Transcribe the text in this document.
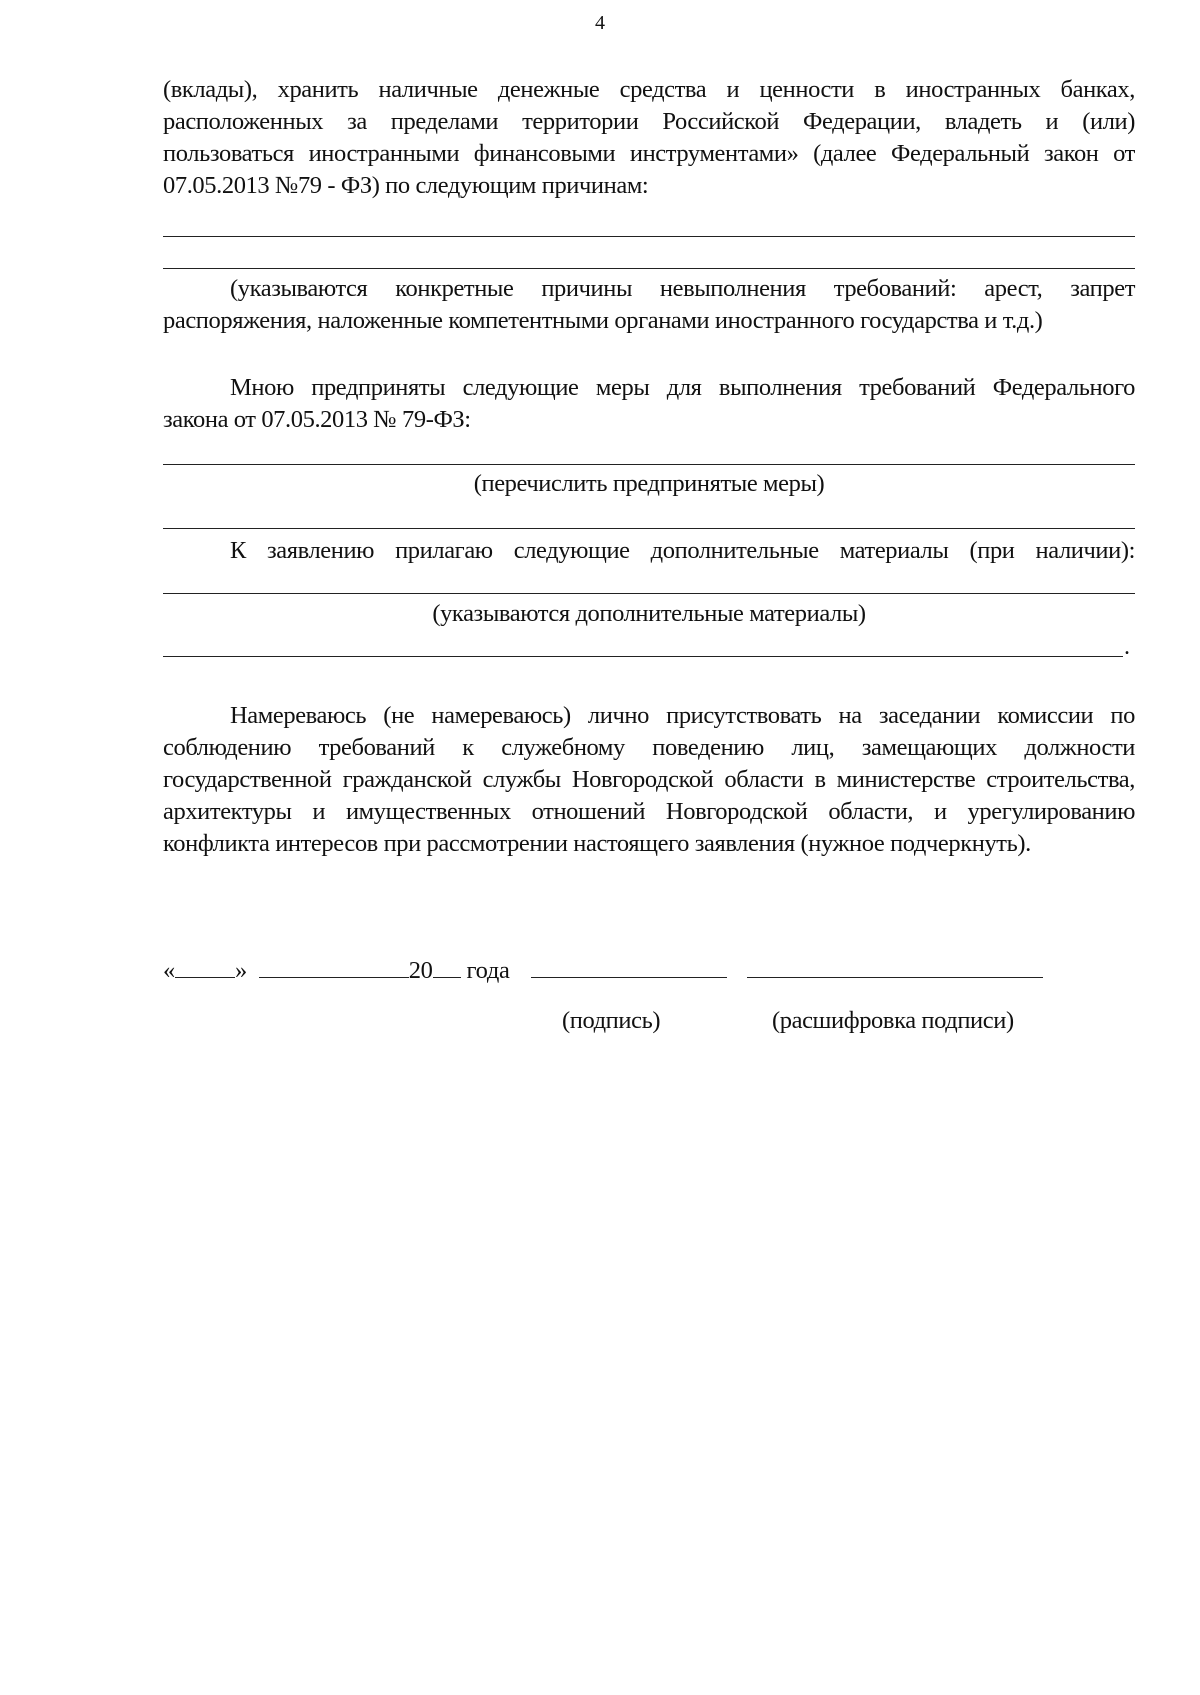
4
(вклады), хранить наличные денежные средства и ценности в иностранных банках,
расположенных за пределами территории Российской Федерации, владеть и (или)
пользоваться иностранными финансовыми инструментами» (далее Федеральный закон от
07.05.2013 №79 - ФЗ) по следующим причинам:
(указываются конкретные причины невыполнения требований: арест, запрет
распоряжения, наложенные компетентными органами иностранного государства и т.д.)
Мною предприняты следующие меры для выполнения требований Федерального
закона от 07.05.2013 № 79-ФЗ:
(перечислить предпринятые меры)
К заявлению прилагаю следующие дополнительные материалы (при наличии):
(указываются дополнительные материалы)
.
Намереваюсь (не намереваюсь) лично присутствовать на заседании комиссии по
соблюдению требований к служебному поведению лиц, замещающих должности
государственной гражданской службы Новгородской области в министерстве строительства,
архитектуры и имущественных отношений Новгородской области, и урегулированию
конфликта интересов при рассмотрении настоящего заявления (нужное подчеркнуть).
« »	20 года
(подпись)	(расшифровка подписи)
